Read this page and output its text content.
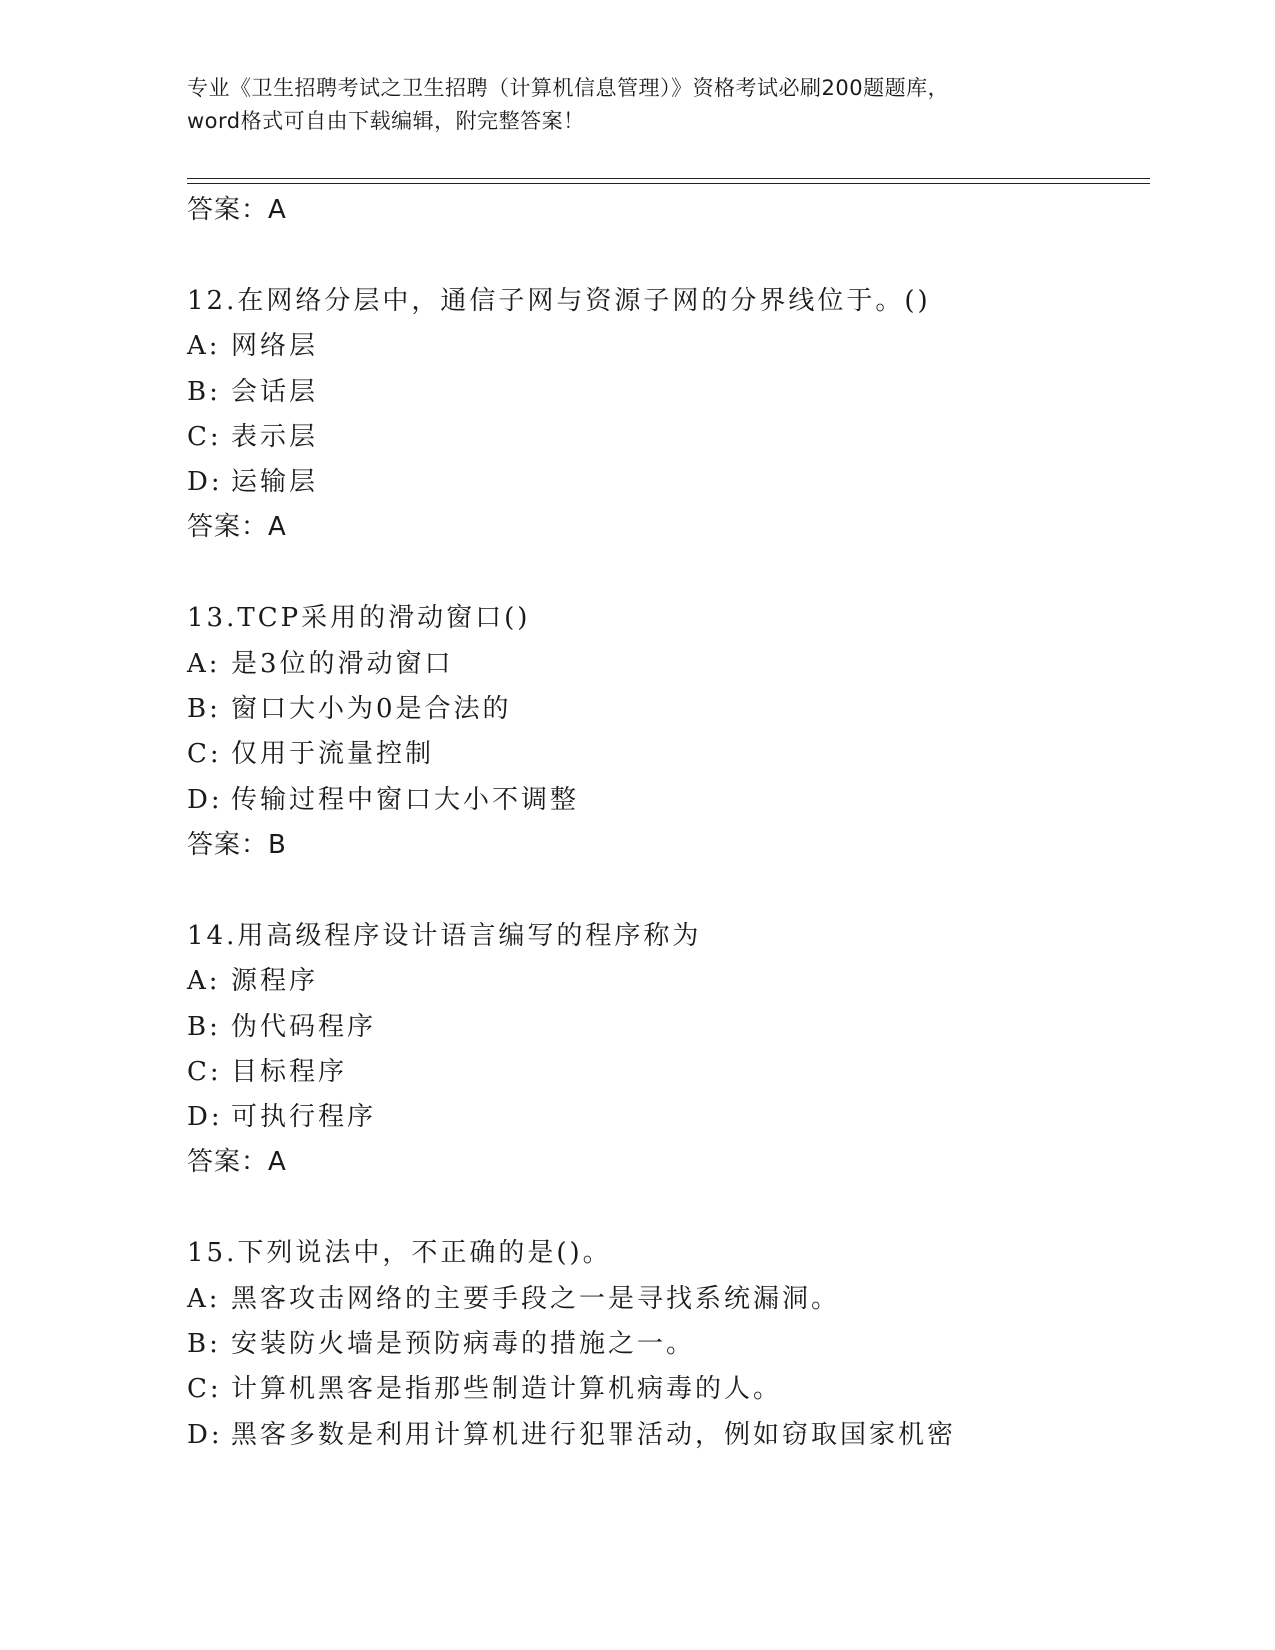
专业《卫生招聘考试之卫生招聘（计算机信息管理）》资格考试必刷200题题库，
word格式可自由下载编辑，附完整答案！
答案：A
12.在网络分层中，通信子网与资源子网的分界线位于。()
A: 网络层
B: 会话层
C: 表示层
D: 运输层
答案：A
13.TCP采用的滑动窗口()
A: 是3位的滑动窗口
B: 窗口大小为0是合法的
C: 仅用于流量控制
D: 传输过程中窗口大小不调整
答案：B
14.用高级程序设计语言编写的程序称为
A: 源程序
B: 伪代码程序
C: 目标程序
D: 可执行程序
答案：A
15.下列说法中，不正确的是()。
A: 黑客攻击网络的主要手段之一是寻找系统漏洞。
B: 安装防火墙是预防病毒的措施之一。
C: 计算机黑客是指那些制造计算机病毒的人。
D: 黑客多数是利用计算机进行犯罪活动，例如窃取国家机密
